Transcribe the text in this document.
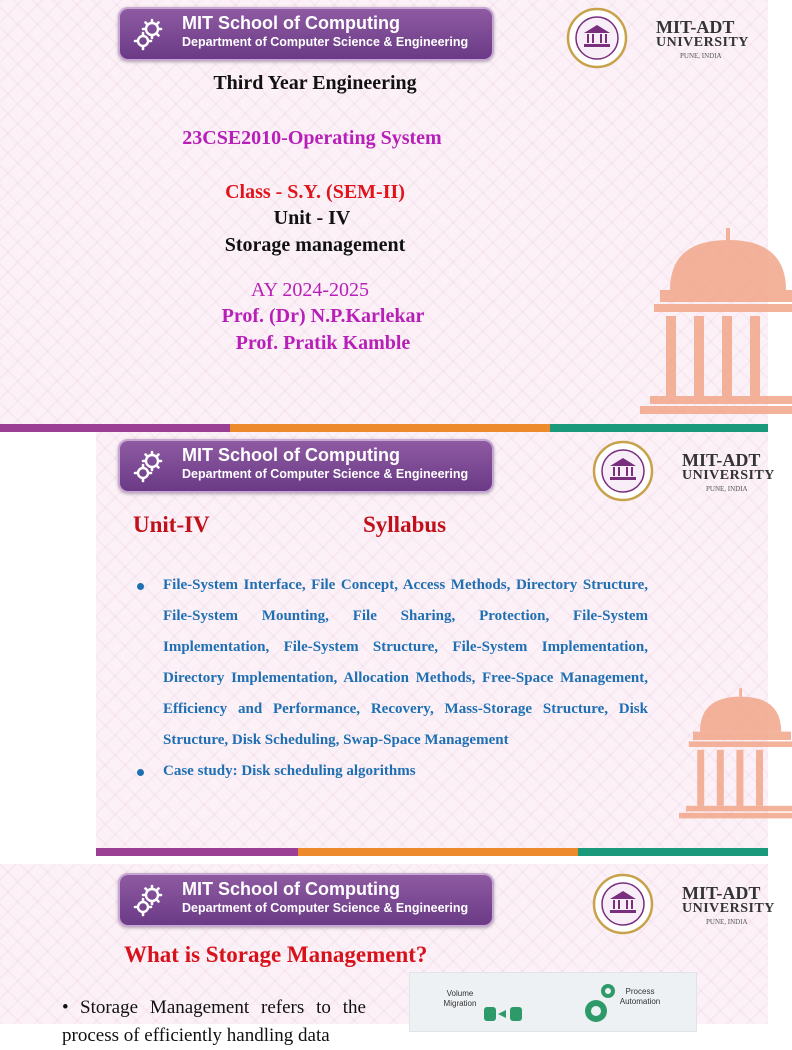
MIT School of Computing
Department of Computer Science & Engineering
MIT-ADT
UNIVERSITY
PUNE, INDIA
Third Year Engineering
23CSE2010-Operating System
Class - S.Y. (SEM-II)
Unit - IV
Storage management
AY 2024-2025
Prof. (Dr) N.P.Karlekar
Prof. Pratik Kamble
MIT School of Computing
Department of Computer Science & Engineering
MIT-ADT
UNIVERSITY
PUNE, INDIA
Unit-IV	Syllabus
File-System Interface, File Concept, Access Methods, Directory Structure, File-System Mounting, File Sharing, Protection, File-System Implementation, File-System Structure, File-System Implementation, Directory Implementation, Allocation Methods, Free-Space Management, Efficiency and Performance, Recovery, Mass-Storage Structure, Disk Structure, Disk Scheduling, Swap-Space Management
Case study: Disk scheduling algorithms
MIT School of Computing
Department of Computer Science & Engineering
MIT-ADT
UNIVERSITY
PUNE, INDIA
What is Storage Management?
• Storage Management refers to the process of efficiently handling data
Volume Migration
Process Automation
